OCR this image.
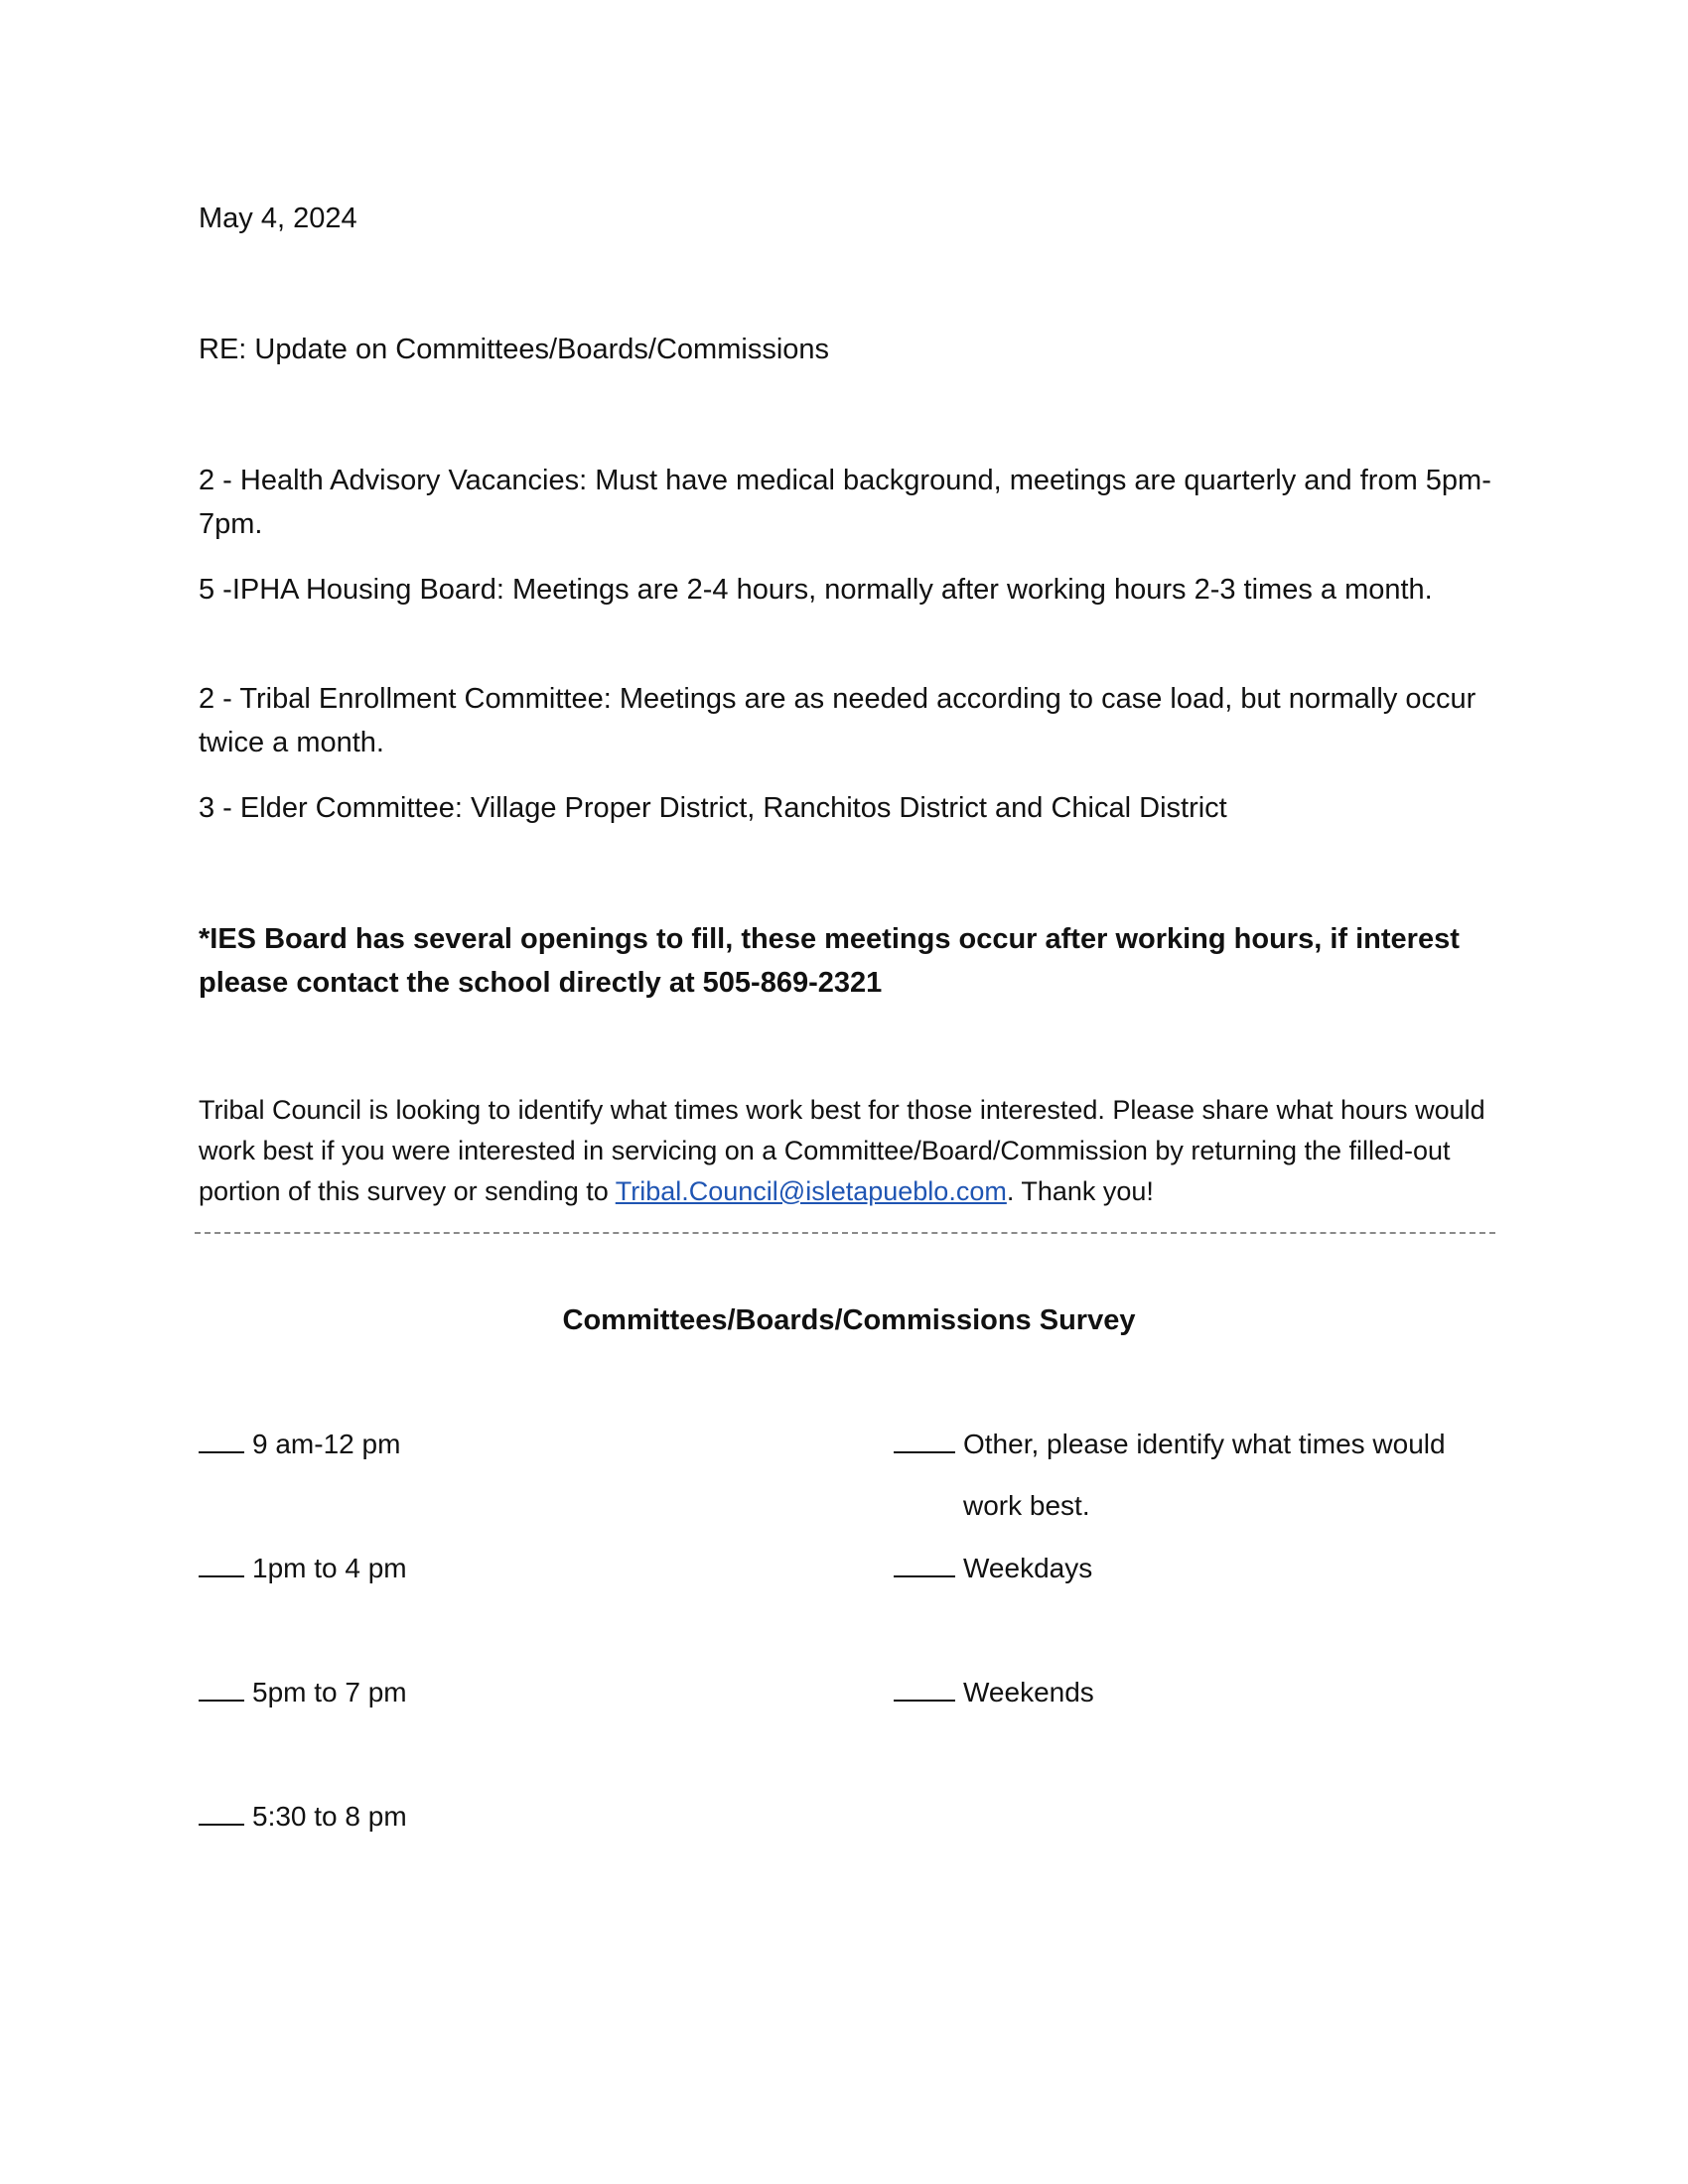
May 4, 2024

RE: Update on Committees/Boards/Commissions

2 - Health Advisory Vacancies: Must have medical background, meetings are quarterly and from 5pm-7pm.

5 -IPHA Housing Board: Meetings are 2-4 hours, normally after working hours 2-3 times a month.

2 - Tribal Enrollment Committee: Meetings are as needed according to case load, but normally occur twice a month.

3 - Elder Committee: Village Proper District, Ranchitos District and Chical District

*IES Board has several openings to fill, these meetings occur after working hours, if interest please contact the school directly at 505-869-2321

Tribal Council is looking to identify what times work best for those interested. Please share what hours would work best if you were interested in servicing on a Committee/Board/Commission by returning the filled-out portion of this survey or sending to Tribal.Council@isletapueblo.com. Thank you!

Committees/Boards/Commissions Survey

9 am-12 pm
1pm to 4 pm
5pm to 7 pm
5:30 to 8 pm
Other, please identify what times would
work best.
Weekdays
Weekends
